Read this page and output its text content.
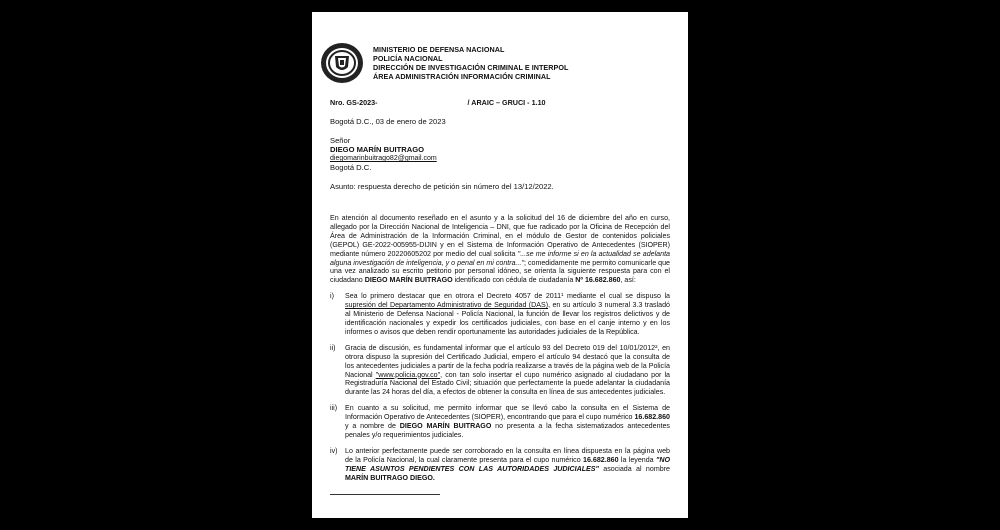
MINISTERIO DE DEFENSA NACIONAL
POLICÍA NACIONAL
DIRECCIÓN DE INVESTIGACIÓN CRIMINAL E INTERPOL
ÁREA ADMINISTRACIÓN INFORMACIÓN CRIMINAL
Nro. GS-2023-	/ ARAIC – GRUCI - 1.10
Bogotá D.C., 03 de enero de 2023
Señor
DIEGO MARÍN BUITRAGO
diegomarinbuitrago82@gmail.com
Bogotá D.C.
Asunto: respuesta derecho de petición sin número del 13/12/2022.
En atención al documento reseñado en el asunto y a la solicitud del 16 de diciembre del año en curso, allegado por la Dirección Nacional de Inteligencia – DNI, que fue radicado por la Oficina de Recepción del Área de Administración de la Información Criminal, en el módulo de Gestor de contenidos policiales (GEPOL) GE-2022-005955-DIJIN y en el Sistema de Información Operativo de Antecedentes (SIOPER) mediante número 20220605202 por medio del cual solicita "...se me informe si en la actualidad se adelanta alguna investigación de inteligencia, y o penal en mi contra..."; comedidamente me permito comunicarle que una vez analizado su escrito petitorio por personal idóneo, se orienta la siguiente respuesta para con el ciudadano DIEGO MARÍN BUITRAGO identificado con cédula de ciudadanía Nº 16.682.860, así:
i)	Sea lo primero destacar que en otrora el Decreto 4057 de 2011¹ mediante el cual se dispuso la supresión del Departamento Administrativo de Seguridad (DAS), en su artículo 3 numeral 3.3 trasladó al Ministerio de Defensa Nacional - Policía Nacional, la función de llevar los registros delictivos y de identificación nacionales y expedir los certificados judiciales, con base en el canje interno y en los informes o avisos que deben rendir oportunamente las autoridades judiciales de la República.
ii)	Gracia de discusión, es fundamental informar que el artículo 93 del Decreto 019 del 10/01/2012², en otrora dispuso la supresión del Certificado Judicial, empero el artículo 94 destacó que la consulta de los antecedentes judiciales a partir de la fecha podría realizarse a través de la página web de la Policía Nacional "www.policia.gov.co", con tan solo insertar el cupo numérico asignado al ciudadano por la Registraduría Nacional del Estado Civil; situación que perfectamente la puede adelantar la ciudadanía durante las 24 horas del día, a efectos de obtener la consulta en línea de sus antecedentes judiciales.
iii)	En cuanto a su solicitud, me permito informar que se llevó cabo la consulta en el Sistema de Información Operativo de Antecedentes (SIOPER), encontrando que para el cupo numérico 16.682.860 y a nombre de DIEGO MARÍN BUITRAGO no presenta a la fecha sistematizados antecedentes penales y/o requerimientos judiciales.
iv)	Lo anterior perfectamente puede ser corroborado en la consulta en línea dispuesta en la página web de la Policía Nacional, la cual claramente presenta para el cupo numérico 16.682.860 la leyenda "NO TIENE ASUNTOS PENDIENTES CON LAS AUTORIDADES JUDICIALES" asociada al nombre MARÍN BUITRAGO DIEGO.
